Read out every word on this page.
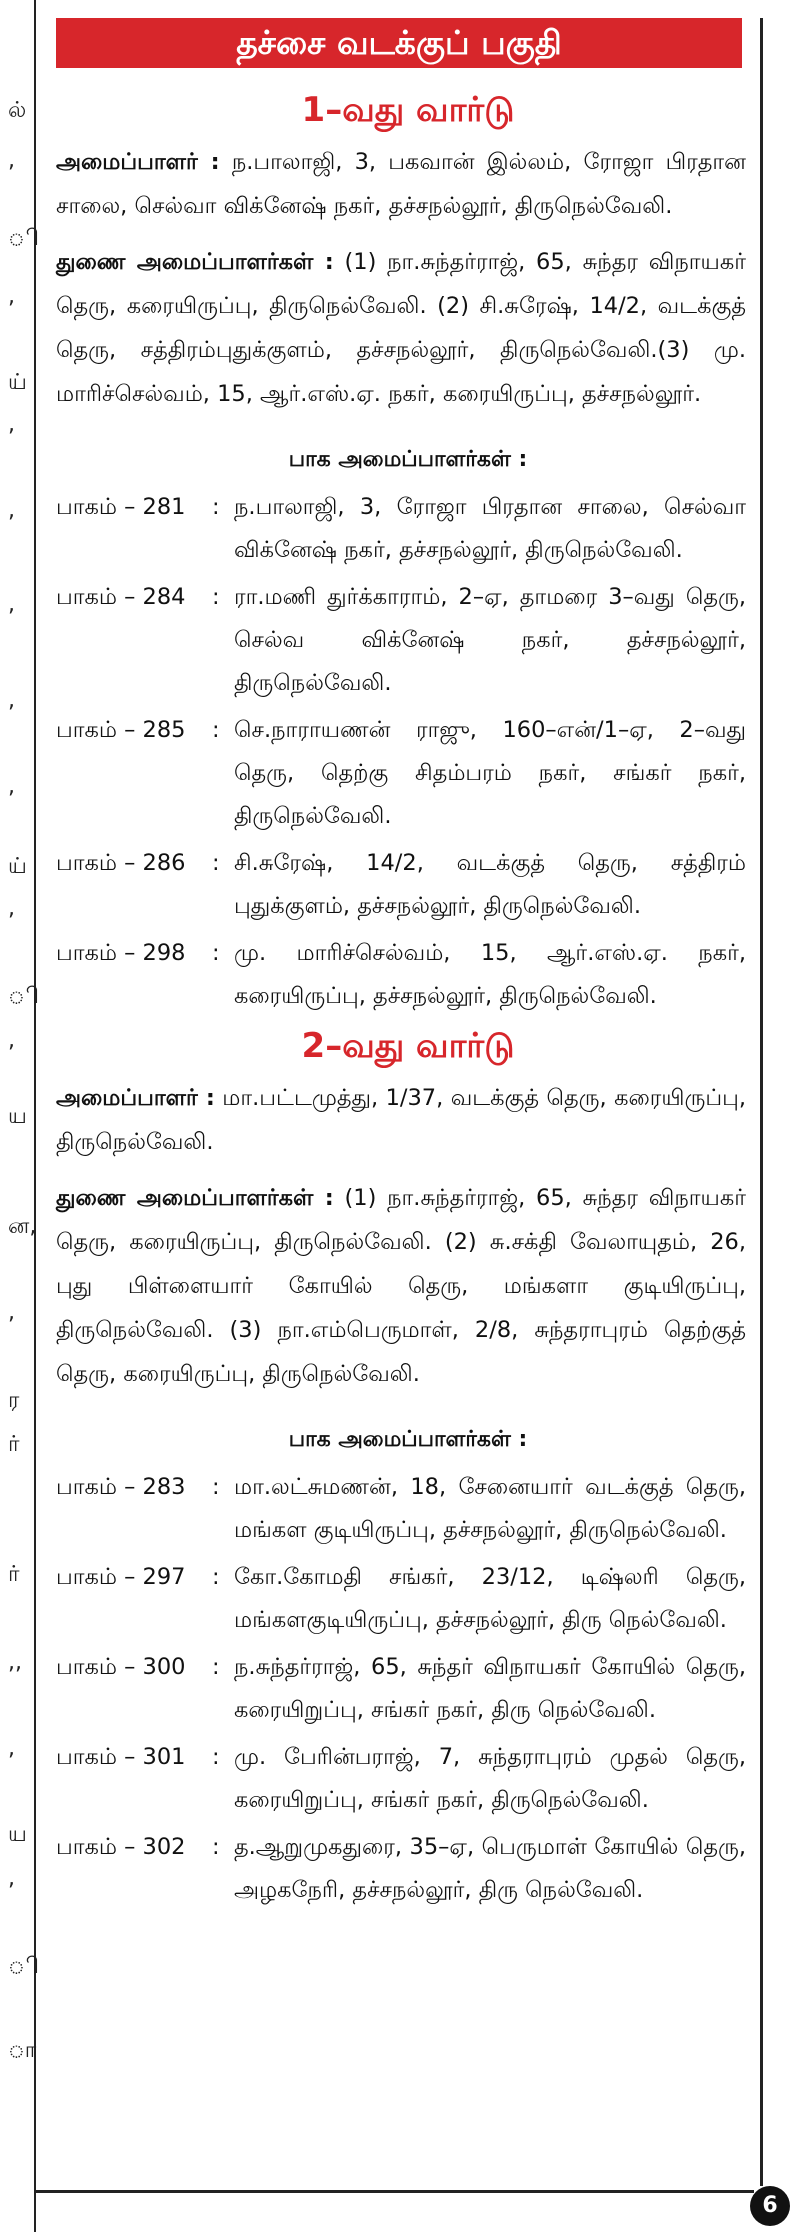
ல்
,
ி
,
ய்
,
,
,
,
,
ய்
,
ி
,
ய
ன,
,
ர
ர்
ர்
,,
,
ய
,
ி
ா
தச்சை வடக்குப் பகுதி
1–வது வார்டு

அமைப்பாளர் : ந.பாலாஜி, 3, பகவான் இல்லம், ரோஜா பிரதான சாலை, செல்வா விக்னேஷ் நகர், தச்சநல்லூர், திருநெல்வேலி.

துணை அமைப்பாளர்கள் : (1) நா.சுந்தர்ராஜ், 65, சுந்தர விநாயகர் தெரு, கரையிருப்பு, திருநெல்வேலி. (2) சி.சுரேஷ், 14/2, வடக்குத் தெரு, சத்திரம்புதுக்குளம், தச்சநல்லூர், திருநெல்வேலி.(3) மு. மாரிச்செல்வம், 15, ஆர்.எஸ்.ஏ. நகர், கரையிருப்பு, தச்சநல்லூர்.

பாக அமைப்பாளர்கள் :
பாகம் – 281	: ந.பாலாஜி, 3, ரோஜா பிரதான சாலை, செல்வா விக்னேஷ் நகர், தச்சநல்லூர், திருநெல்வேலி.
பாகம் – 284	: ரா.மணி துர்க்காராம், 2–ஏ, தாமரை 3–வது தெரு, செல்வ விக்னேஷ் நகர், தச்சநல்லூர், திருநெல்வேலி.
பாகம் – 285	: செ.நாராயணன் ராஜு, 160–என்/1–ஏ, 2–வது தெரு, தெற்கு சிதம்பரம் நகர், சங்கர் நகர், திருநெல்வேலி.
பாகம் – 286	: சி.சுரேஷ், 14/2, வடக்குத் தெரு, சத்திரம் புதுக்குளம், தச்சநல்லூர், திருநெல்வேலி.
பாகம் – 298	: மு. மாரிச்செல்வம், 15, ஆர்.எஸ்.ஏ. நகர், கரையிருப்பு, தச்சநல்லூர், திருநெல்வேலி.
2–வது வார்டு

அமைப்பாளர் : மா.பட்டமுத்து, 1/37, வடக்குத் தெரு, கரையிருப்பு, திருநெல்வேலி.

துணை அமைப்பாளர்கள் : (1) நா.சுந்தர்ராஜ், 65, சுந்தர விநாயகர் தெரு, கரையிருப்பு, திருநெல்வேலி. (2) சு.சக்தி வேலாயுதம், 26, புது பிள்ளையார் கோயில் தெரு, மங்களா குடியிருப்பு, திருநெல்வேலி. (3) நா.எம்பெருமாள், 2/8, சுந்தராபுரம் தெற்குத் தெரு, கரையிருப்பு, திருநெல்வேலி.

பாக அமைப்பாளர்கள் :
பாகம் – 283	: மா.லட்சுமணன், 18, சேனையார் வடக்குத் தெரு, மங்கள குடியிருப்பு, தச்சநல்லூர், திருநெல்வேலி.
பாகம் – 297	: கோ.கோமதி சங்கர், 23/12, டிஷ்லரி தெரு, மங்களகுடியிருப்பு, தச்சநல்லூர், திரு நெல்வேலி.
பாகம் – 300	: ந.சுந்தர்ராஜ், 65, சுந்தர் விநாயகர் கோயில் தெரு, கரையிறுப்பு, சங்கர் நகர், திரு நெல்வேலி.
பாகம் – 301	: மு. பேரின்பராஜ், 7, சுந்தராபுரம் முதல் தெரு, கரையிறுப்பு, சங்கர் நகர், திருநெல்வேலி.
பாகம் – 302	: த.ஆறுமுகதுரை, 35–ஏ, பெருமாள் கோயில் தெரு, அழகநேரி, தச்சநல்லூர், திரு நெல்வேலி.
6
